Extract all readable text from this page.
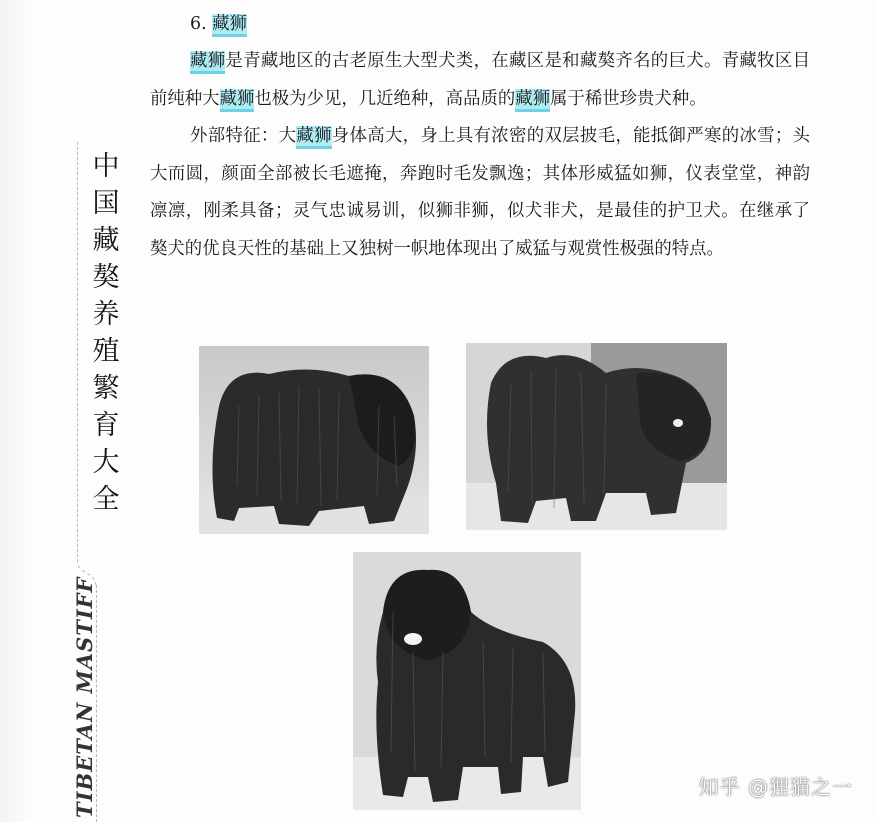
中
国
藏
獒
养
殖
繁
育
大
全
TIBETAN MASTIFF
6. 藏狮

藏狮是青藏地区的古老原生大型犬类，在藏区是和藏獒齐名的巨犬。青藏牧区目前纯种大藏狮也极为少见，几近绝种，高品质的藏狮属于稀世珍贵犬种。

外部特征：大藏狮身体高大，身上具有浓密的双层披毛，能抵御严寒的冰雪；头大而圆，颜面全部被长毛遮掩，奔跑时毛发飘逸；其体形威猛如狮，仪表堂堂，神韵凛凛，刚柔具备；灵气忠诚易训，似狮非狮，似犬非犬，是最佳的护卫犬。在继承了獒犬的优良天性的基础上又独树一帜地体现出了威猛与观赏性极强的特点。

知乎 @狸猫之一
